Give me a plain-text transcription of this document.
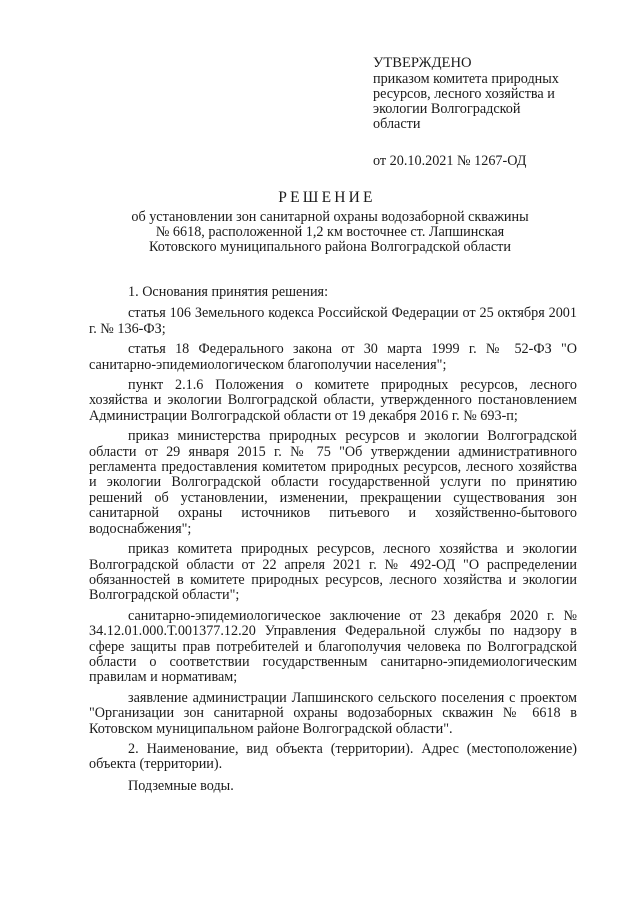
УТВЕРЖДЕНО
приказом комитета природных
ресурсов, лесного хозяйства и
экологии Волгоградской
области
от 20.10.2021 № 1267-ОД
РЕШЕНИЕ
об установлении зон санитарной охраны водозаборной скважины
№ 6618, расположенной 1,2 км восточнее ст. Лапшинская
Котовского муниципального района Волгоградской области

1. Основания принятия решения:

статья 106 Земельного кодекса Российской Федерации от 25 октября 2001 г. № 136-ФЗ;

статья 18 Федерального закона от 30 марта 1999 г. № 52-ФЗ "О санитарно-эпидемиологическом благополучии населения";

пункт 2.1.6 Положения о комитете природных ресурсов, лесного хозяйства и экологии Волгоградской области, утвержденного постановлением Администрации Волгоградской области от 19 декабря 2016 г. № 693-п;

приказ министерства природных ресурсов и экологии Волгоградской области от 29 января 2015 г. № 75 "Об утверждении административного регламента предоставления комитетом природных ресурсов, лесного хозяйства и экологии Волгоградской области государственной услуги по принятию решений об установлении, изменении, прекращении существования зон санитарной охраны источников питьевого и хозяйственно-бытового водоснабжения";

приказ комитета природных ресурсов, лесного хозяйства и экологии Волгоградской области от 22 апреля 2021 г. № 492-ОД "О распределении обязанностей в комитете природных ресурсов, лесного хозяйства и экологии Волгоградской области";

санитарно-эпидемиологическое заключение от 23 декабря 2020 г. № 34.12.01.000.Т.001377.12.20 Управления Федеральной службы по надзору в сфере защиты прав потребителей и благополучия человека по Волгоградской области о соответствии государственным санитарно-эпидемиологическим правилам и нормативам;

заявление администрации Лапшинского сельского поселения с проектом "Организации зон санитарной охраны водозаборных скважин № 6618 в Котовском муниципальном районе Волгоградской области".

2. Наименование, вид объекта (территории). Адрес (местоположение) объекта (территории).

Подземные воды.
